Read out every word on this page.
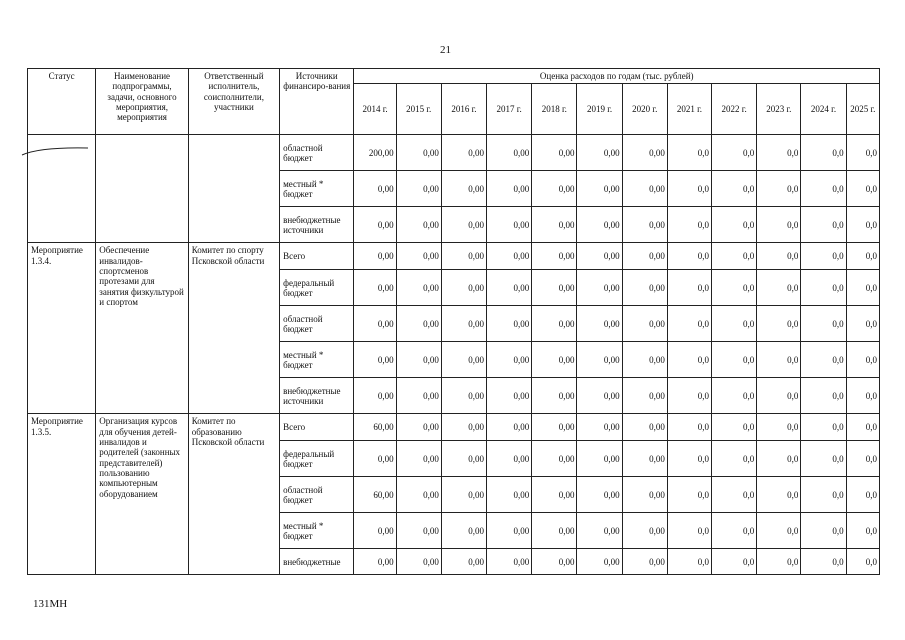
21
Статус	Наименование подпрограммы, задачи, основного мероприятия, мероприятия	Ответственный исполнитель, соисполнители, участники	Источники финансиро-вания	Оценка расходов по годам (тыс. рублей)											
				2014 г.	2015 г.	2016 г.	2017 г.	2018 г.	2019 г.	2020 г.	2021 г.	2022 г.	2023 г.	2024 г.	2025 г.
			областной бюджет	200,00	0,00	0,00	0,00	0,00	0,00	0,00	0,0	0,0	0,0	0,0	0,0
			местный * бюджет	0,00	0,00	0,00	0,00	0,00	0,00	0,00	0,0	0,0	0,0	0,0	0,0
			внебюджетные источники	0,00	0,00	0,00	0,00	0,00	0,00	0,00	0,0	0,0	0,0	0,0	0,0
Мероприятие 1.3.4.	Обеспечение инвалидов-спортсменов протезами для занятия физкультурой и спортом	Комитет по спорту Псковской области	Всего	0,00	0,00	0,00	0,00	0,00	0,00	0,00	0,0	0,0	0,0	0,0	0,0
			федеральный бюджет	0,00	0,00	0,00	0,00	0,00	0,00	0,00	0,0	0,0	0,0	0,0	0,0
			областной бюджет	0,00	0,00	0,00	0,00	0,00	0,00	0,00	0,0	0,0	0,0	0,0	0,0
			местный * бюджет	0,00	0,00	0,00	0,00	0,00	0,00	0,00	0,0	0,0	0,0	0,0	0,0
			внебюджетные источники	0,00	0,00	0,00	0,00	0,00	0,00	0,00	0,0	0,0	0,0	0,0	0,0
Мероприятие 1.3.5.	Организация курсов для обучения детей-инвалидов и родителей (законных представителей) пользованию компьютерным оборудованием	Комитет по образованию Псковской области	Всего	60,00	0,00	0,00	0,00	0,00	0,00	0,00	0,0	0,0	0,0	0,0	0,0
			федеральный бюджет	0,00	0,00	0,00	0,00	0,00	0,00	0,00	0,0	0,0	0,0	0,0	0,0
			областной бюджет	60,00	0,00	0,00	0,00	0,00	0,00	0,00	0,0	0,0	0,0	0,0	0,0
			местный * бюджет	0,00	0,00	0,00	0,00	0,00	0,00	0,00	0,0	0,0	0,0	0,0	0,0
			внебюджетные	0,00	0,00	0,00	0,00	0,00	0,00	0,00	0,0	0,0	0,0	0,0	0,0
131МН
